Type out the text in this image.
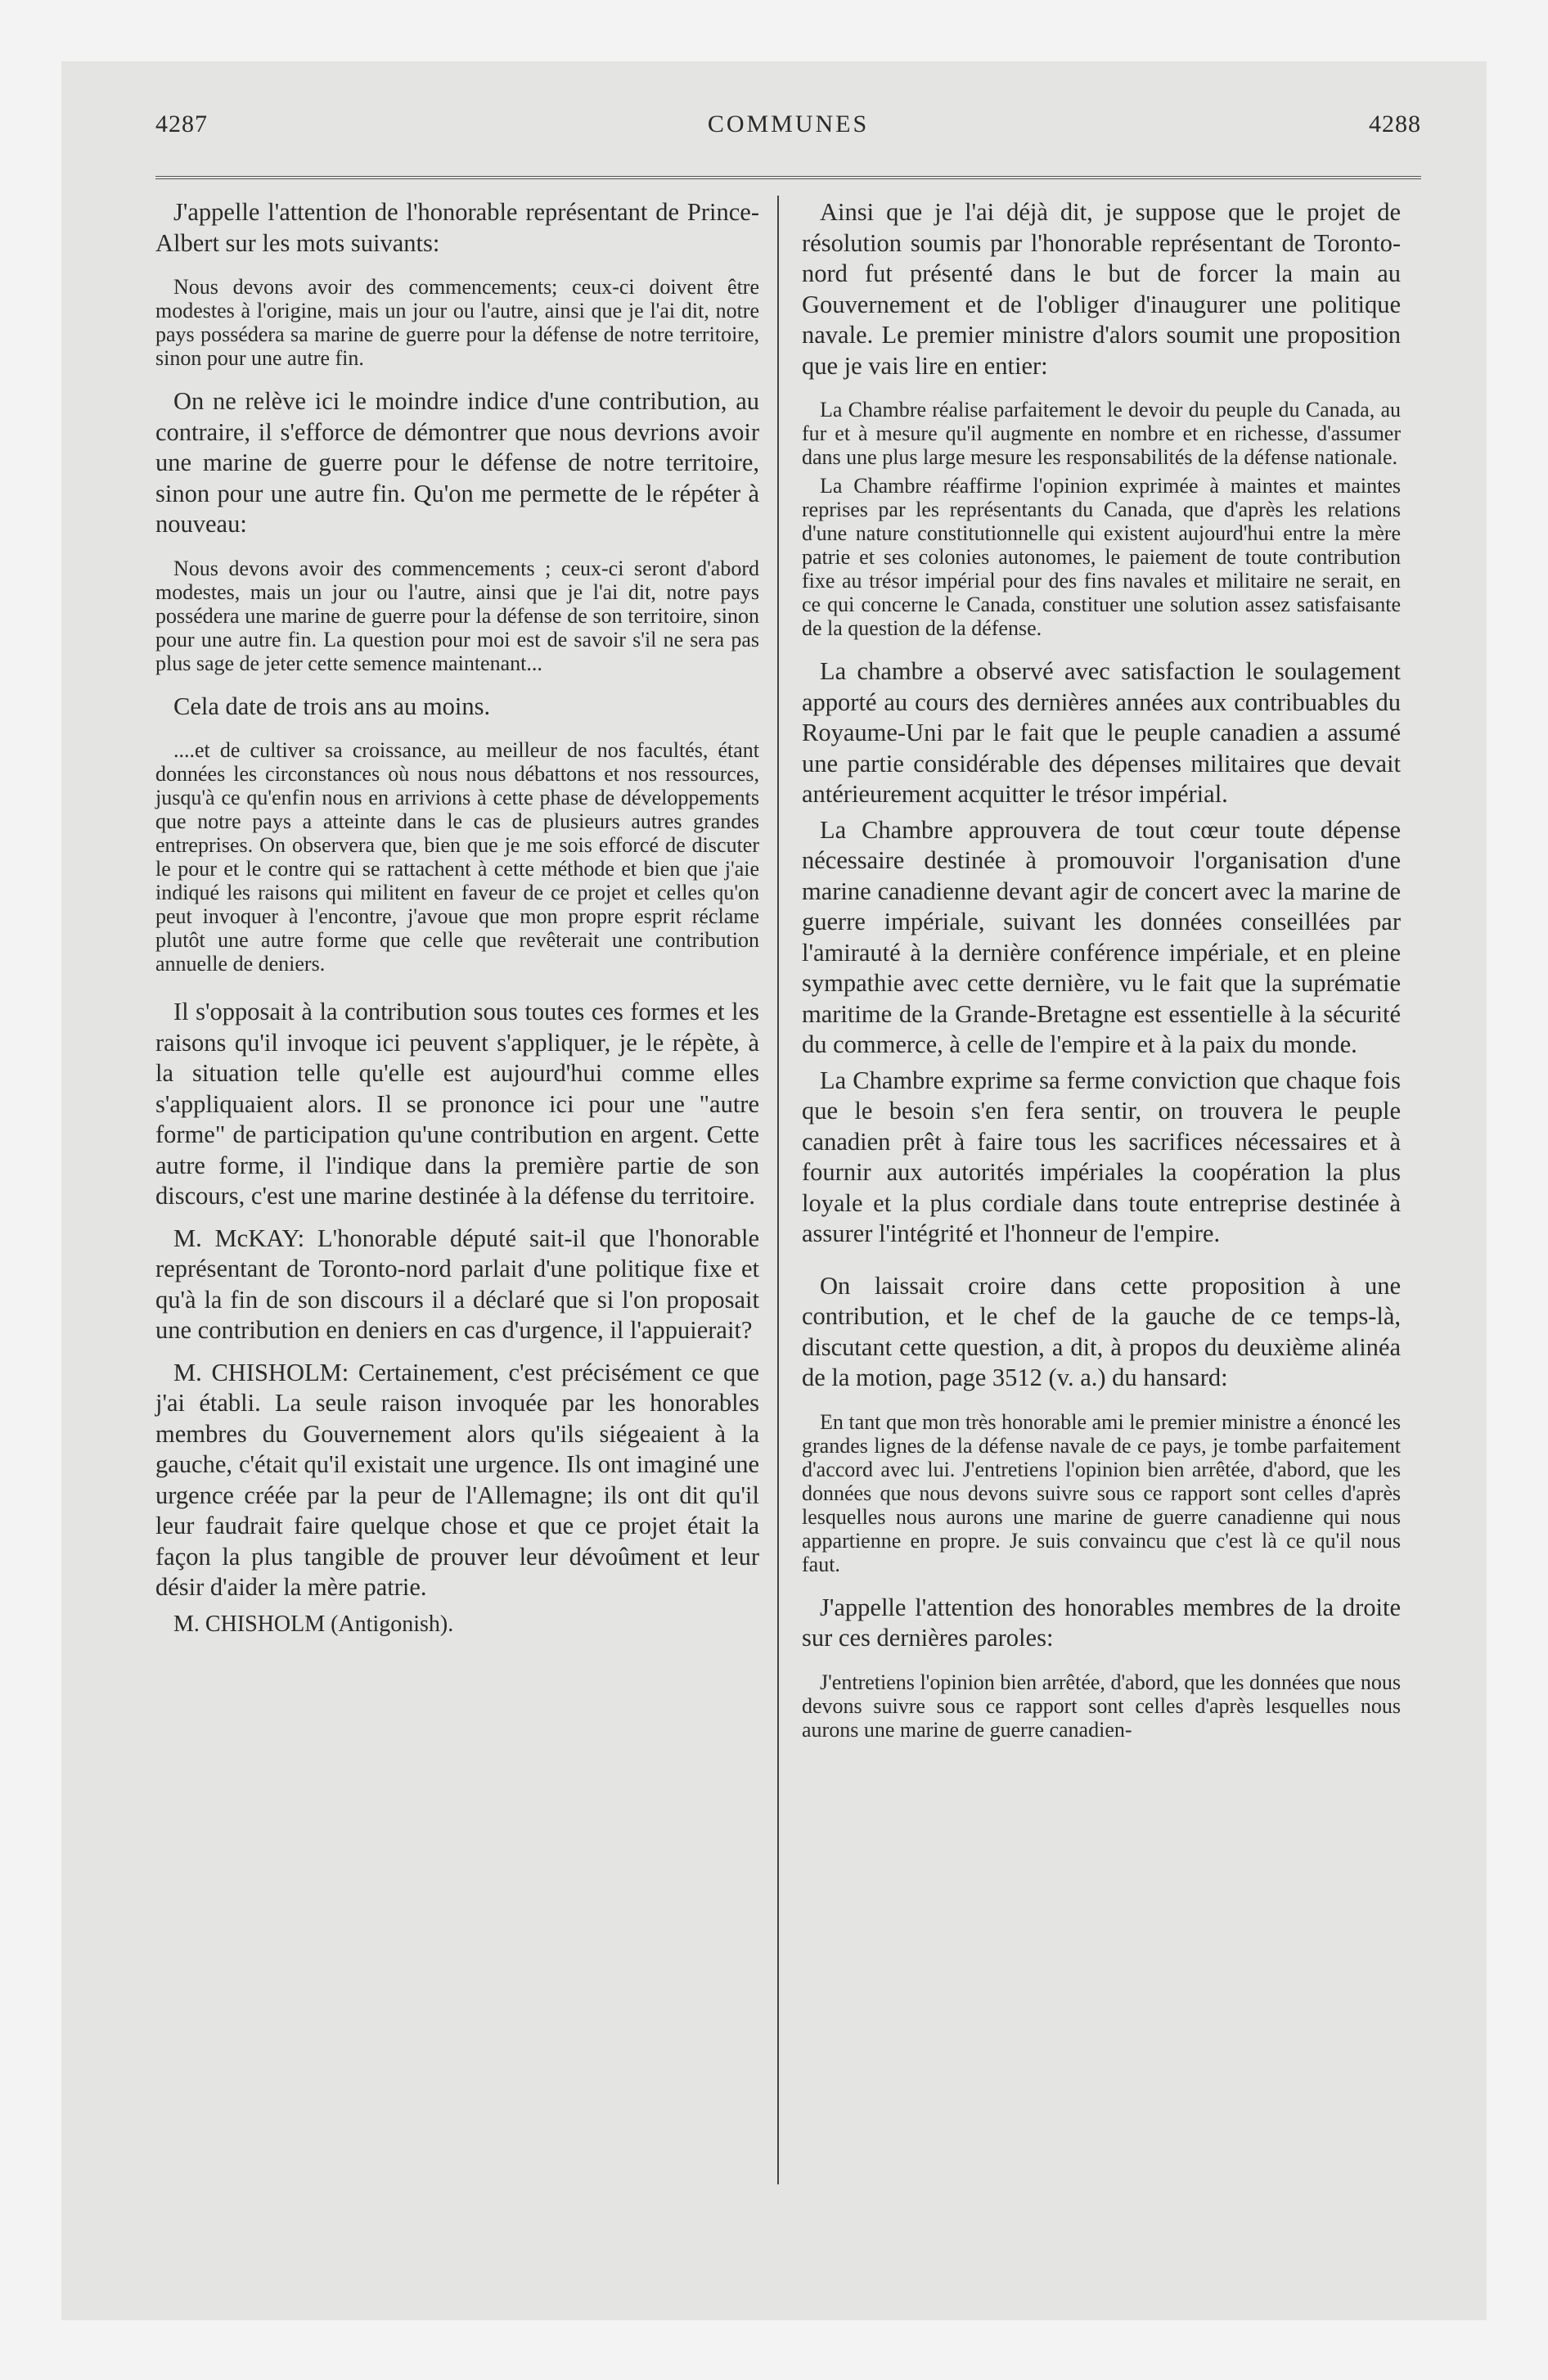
4287	COMMUNES	4288

J'appelle l'attention de l'honorable représentant de Prince-Albert sur les mots suivants:

Nous devons avoir des commencements; ceux-ci doivent être modestes à l'origine, mais un jour ou l'autre, ainsi que je l'ai dit, notre pays possédera sa marine de guerre pour la défense de notre territoire, sinon pour une autre fin.

On ne relève ici le moindre indice d'une contribution, au contraire, il s'efforce de démontrer que nous devrions avoir une marine de guerre pour le défense de notre territoire, sinon pour une autre fin. Qu'on me permette de le répéter à nouveau:

Nous devons avoir des commencements ; ceux-ci seront d'abord modestes, mais un jour ou l'autre, ainsi que je l'ai dit, notre pays possédera une marine de guerre pour la défense de son territoire, sinon pour une autre fin. La question pour moi est de savoir s'il ne sera pas plus sage de jeter cette semence maintenant...

Cela date de trois ans au moins.

....et de cultiver sa croissance, au meilleur de nos facultés, étant données les circonstances où nous nous débattons et nos ressources, jusqu'à ce qu'enfin nous en arrivions à cette phase de développements que notre pays a atteinte dans le cas de plusieurs autres grandes entreprises. On observera que, bien que je me sois efforcé de discuter le pour et le contre qui se rattachent à cette méthode et bien que j'aie indiqué les raisons qui militent en faveur de ce projet et celles qu'on peut invoquer à l'encontre, j'avoue que mon propre esprit réclame plutôt une autre forme que celle que revêterait une contribution annuelle de deniers.

Il s'opposait à la contribution sous toutes ces formes et les raisons qu'il invoque ici peuvent s'appliquer, je le répète, à la situation telle qu'elle est aujourd'hui comme elles s'appliquaient alors. Il se prononce ici pour une "autre forme" de participation qu'une contribution en argent. Cette autre forme, il l'indique dans la première partie de son discours, c'est une marine destinée à la défense du territoire.

M. McKAY: L'honorable député sait-il que l'honorable représentant de Toronto-nord parlait d'une politique fixe et qu'à la fin de son discours il a déclaré que si l'on proposait une contribution en deniers en cas d'urgence, il l'appuierait?

M. CHISHOLM: Certainement, c'est précisément ce que j'ai établi. La seule raison invoquée par les honorables membres du Gouvernement alors qu'ils siégeaient à la gauche, c'était qu'il existait une urgence. Ils ont imaginé une urgence créée par la peur de l'Allemagne; ils ont dit qu'il leur faudrait faire quelque chose et que ce projet était la façon la plus tangible de prouver leur dévoûment et leur désir d'aider la mère patrie.

M. CHISHOLM (Antigonish).

Ainsi que je l'ai déjà dit, je suppose que le projet de résolution soumis par l'honorable représentant de Toronto-nord fut présenté dans le but de forcer la main au Gouvernement et de l'obliger d'inaugurer une politique navale. Le premier ministre d'alors soumit une proposition que je vais lire en entier:

La Chambre réalise parfaitement le devoir du peuple du Canada, au fur et à mesure qu'il augmente en nombre et en richesse, d'assumer dans une plus large mesure les responsabilités de la défense nationale.

La Chambre réaffirme l'opinion exprimée à maintes et maintes reprises par les représentants du Canada, que d'après les relations d'une nature constitutionnelle qui existent aujourd'hui entre la mère patrie et ses colonies autonomes, le paiement de toute contribution fixe au trésor impérial pour des fins navales et militaire ne serait, en ce qui concerne le Canada, constituer une solution assez satisfaisante de la question de la défense.

La chambre a observé avec satisfaction le soulagement apporté au cours des dernières années aux contribuables du Royaume-Uni par le fait que le peuple canadien a assumé une partie considérable des dépenses militaires que devait antérieurement acquitter le trésor impérial.

La Chambre approuvera de tout cœur toute dépense nécessaire destinée à promouvoir l'organisation d'une marine canadienne devant agir de concert avec la marine de guerre impériale, suivant les données conseillées par l'amirauté à la dernière conférence impériale, et en pleine sympathie avec cette dernière, vu le fait que la suprématie maritime de la Grande-Bretagne est essentielle à la sécurité du commerce, à celle de l'empire et à la paix du monde.

La Chambre exprime sa ferme conviction que chaque fois que le besoin s'en fera sentir, on trouvera le peuple canadien prêt à faire tous les sacrifices nécessaires et à fournir aux autorités impériales la coopération la plus loyale et la plus cordiale dans toute entreprise destinée à assurer l'intégrité et l'honneur de l'empire.

On laissait croire dans cette proposition à une contribution, et le chef de la gauche de ce temps-là, discutant cette question, a dit, à propos du deuxième alinéa de la motion, page 3512 (v. a.) du hansard:

En tant que mon très honorable ami le premier ministre a énoncé les grandes lignes de la défense navale de ce pays, je tombe parfaitement d'accord avec lui. J'entretiens l'opinion bien arrêtée, d'abord, que les données que nous devons suivre sous ce rapport sont celles d'après lesquelles nous aurons une marine de guerre canadienne qui nous appartienne en propre. Je suis convaincu que c'est là ce qu'il nous faut.

J'appelle l'attention des honorables membres de la droite sur ces dernières paroles:

J'entretiens l'opinion bien arrêtée, d'abord, que les données que nous devons suivre sous ce rapport sont celles d'après lesquelles nous aurons une marine de guerre canadien-
